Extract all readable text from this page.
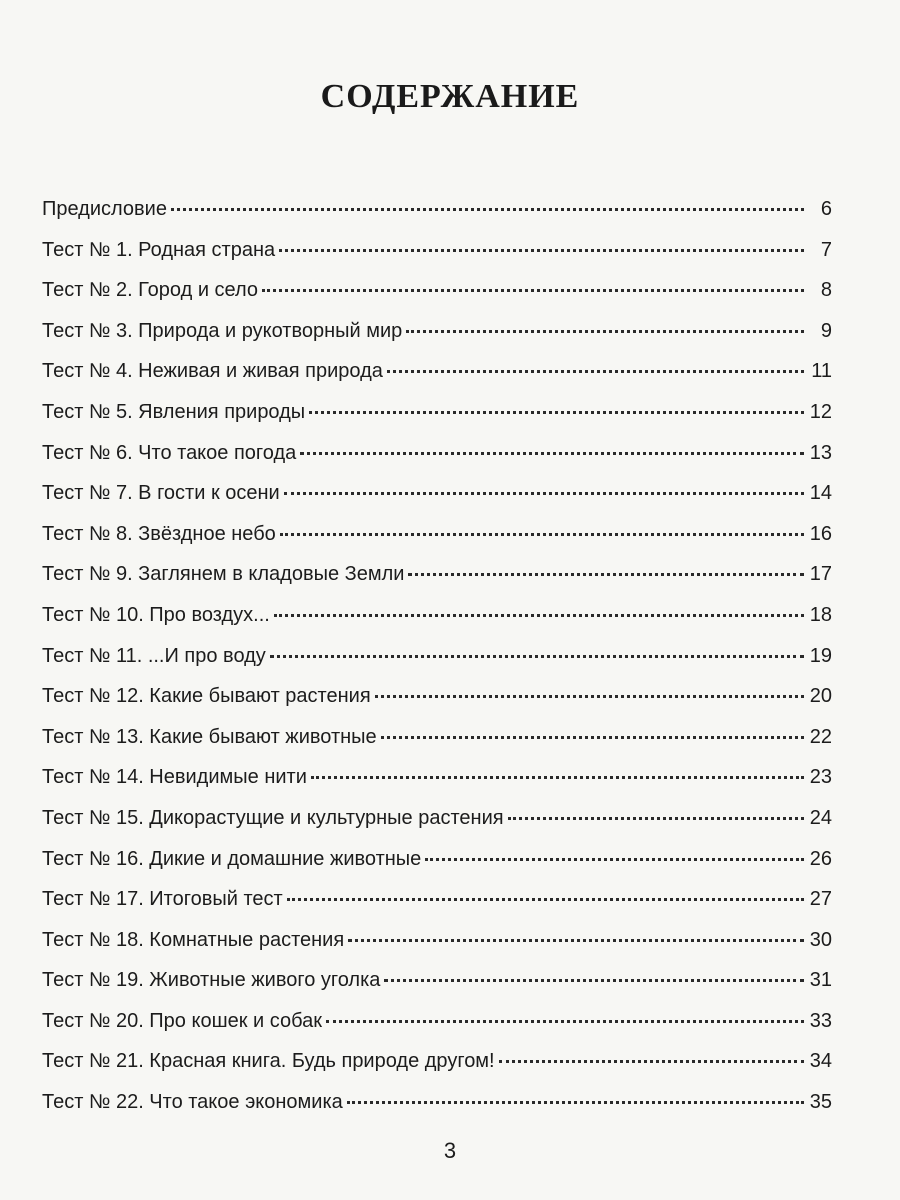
СОДЕРЖАНИЕ
Предисловие	6
Тест № 1. Родная страна	7
Тест № 2. Город и село	8
Тест № 3. Природа и рукотворный мир	9
Тест № 4. Неживая и живая природа	11
Тест № 5. Явления природы	12
Тест № 6. Что такое погода	13
Тест № 7. В гости к осени	14
Тест № 8. Звёздное небо	16
Тест № 9. Заглянем в кладовые Земли	17
Тест № 10. Про воздух...	18
Тест № 11. ...И про воду	19
Тест № 12. Какие бывают растения	20
Тест № 13. Какие бывают животные	22
Тест № 14. Невидимые нити	23
Тест № 15. Дикорастущие и культурные растения	24
Тест № 16. Дикие и домашние животные	26
Тест № 17. Итоговый тест	27
Тест № 18. Комнатные растения	30
Тест № 19. Животные живого уголка	31
Тест № 20. Про кошек и собак	33
Тест № 21. Красная книга. Будь природе другом!	34
Тест № 22. Что такое экономика	35
3
